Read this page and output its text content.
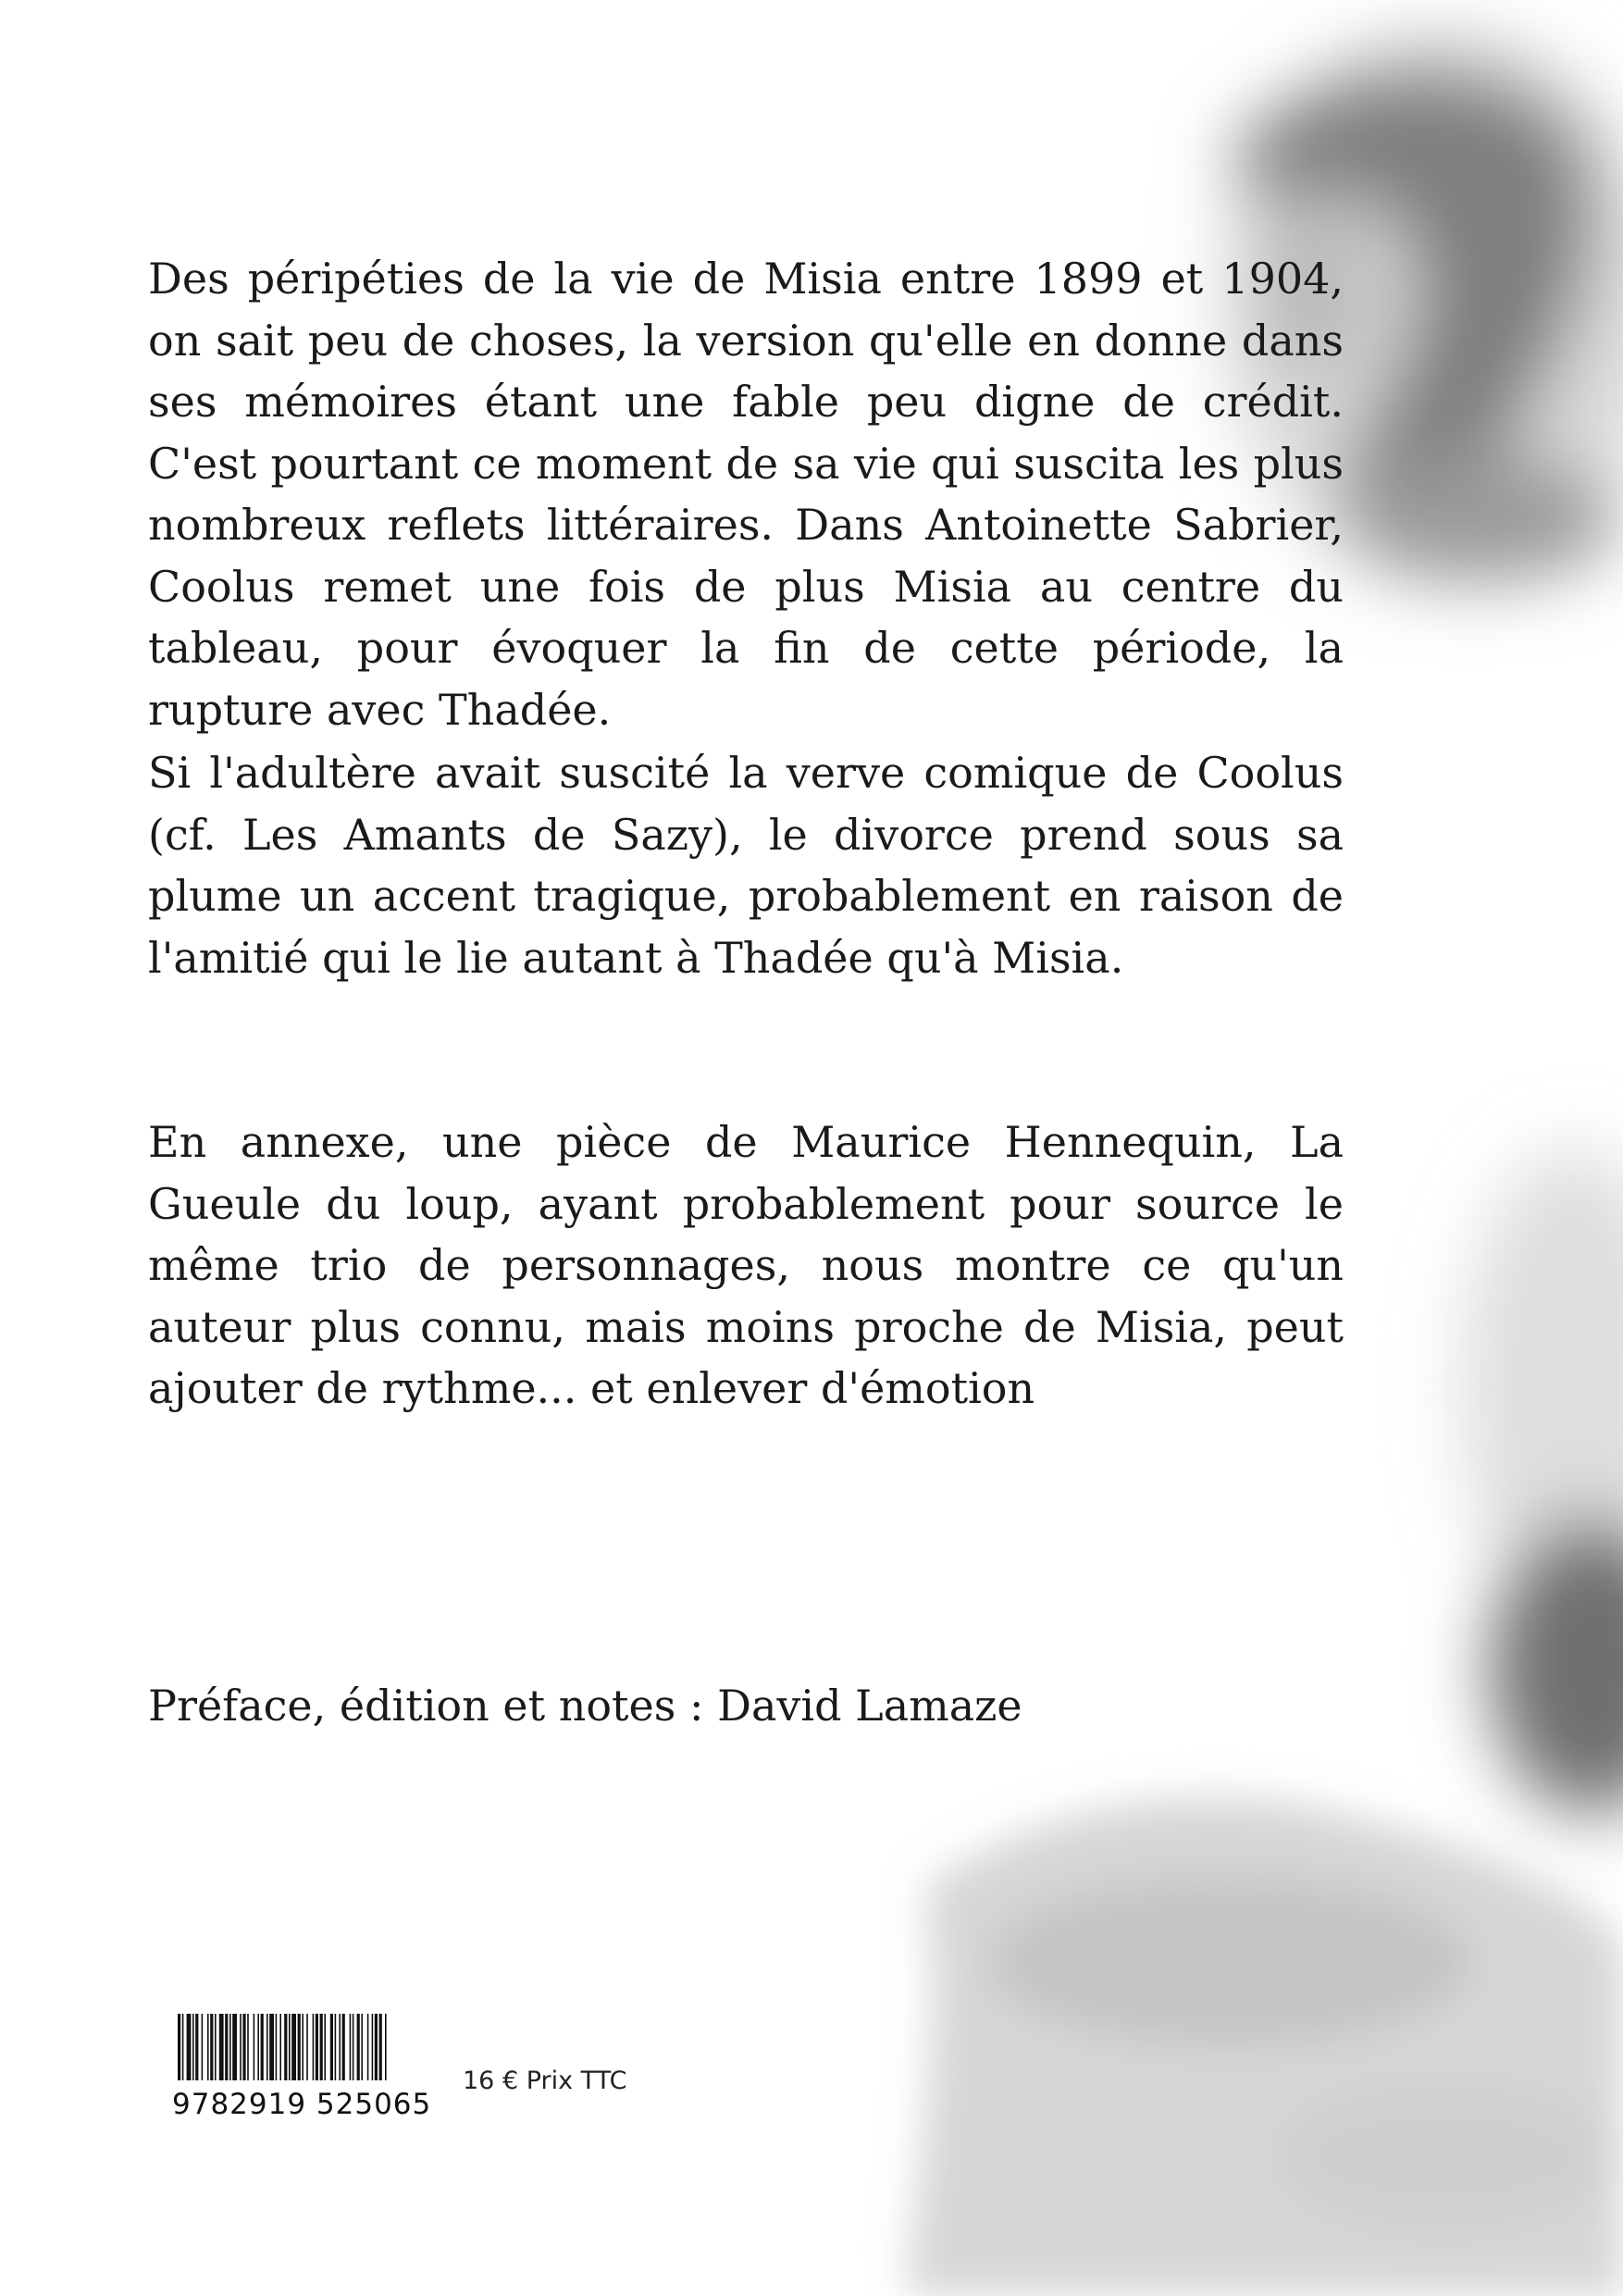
Des péripéties de la vie de Misia entre 1899 et 1904, on sait peu de choses, la version qu'elle en donne dans ses mémoires étant une fable peu digne de crédit. C'est pourtant ce moment de sa vie qui suscita les plus nombreux reflets littéraires. Dans Antoinette Sabrier, Coolus remet une fois de plus Misia au centre du tableau, pour évoquer la fin de cette période, la rupture avec Thadée.

Si l'adultère avait suscité la verve comique de Coolus (cf. Les Amants de Sazy), le divorce prend sous sa plume un accent tragique, probablement en raison de l'amitié qui le lie autant à Thadée qu'à Misia.

En annexe, une pièce de Maurice Hennequin, La Gueule du loup, ayant probablement pour source le même trio de personnages, nous montre ce qu'un auteur plus connu, mais moins proche de Misia, peut ajouter de rythme... et enlever d'émotion

Préface, édition et notes : David Lamaze

9782919 525065
16 € Prix TTC
